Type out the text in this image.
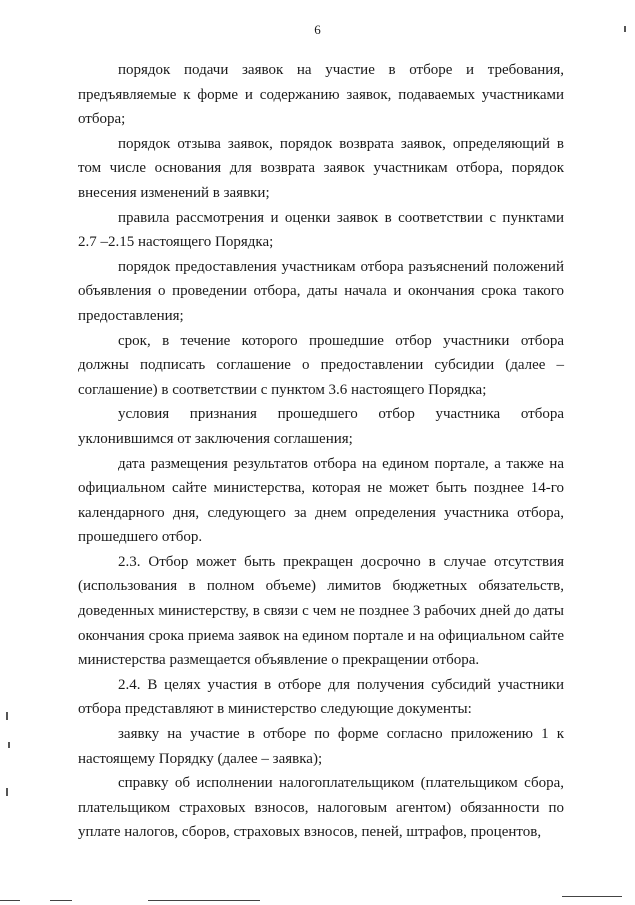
6

порядок подачи заявок на участие в отборе и требования, предъявляемые к форме и содержанию заявок, подаваемых участниками отбора;

порядок отзыва заявок, порядок возврата заявок, определяющий в том числе основания для возврата заявок участникам отбора, порядок внесения изменений в заявки;

правила рассмотрения и оценки заявок в соответствии с пунктами 2.7 –2.15 настоящего Порядка;

порядок предоставления участникам отбора разъяснений положений объявления о проведении отбора, даты начала и окончания срока такого предоставления;

срок, в течение которого прошедшие отбор участники отбора должны подписать соглашение о предоставлении субсидии (далее – соглашение) в соответствии с пунктом 3.6 настоящего Порядка;

условия признания прошедшего отбор участника отбора уклонившимся от заключения соглашения;

дата размещения результатов отбора на едином портале, а также на официальном сайте министерства, которая не может быть позднее 14-го календарного дня, следующего за днем определения участника отбора, прошедшего отбор.

2.3. Отбор может быть прекращен досрочно в случае отсутствия (использования в полном объеме) лимитов бюджетных обязательств, доведенных министерству, в связи с чем не позднее 3 рабочих дней до даты окончания срока приема заявок на едином портале и на официальном сайте министерства размещается объявление о прекращении отбора.

2.4. В целях участия в отборе для получения субсидий участники отбора представляют в министерство следующие документы:

заявку на участие в отборе по форме согласно приложению 1 к настоящему Порядку (далее – заявка);

справку об исполнении налогоплательщиком (плательщиком сбора, плательщиком страховых взносов, налоговым агентом) обязанности по уплате налогов, сборов, страховых взносов, пеней, штрафов, процентов,
